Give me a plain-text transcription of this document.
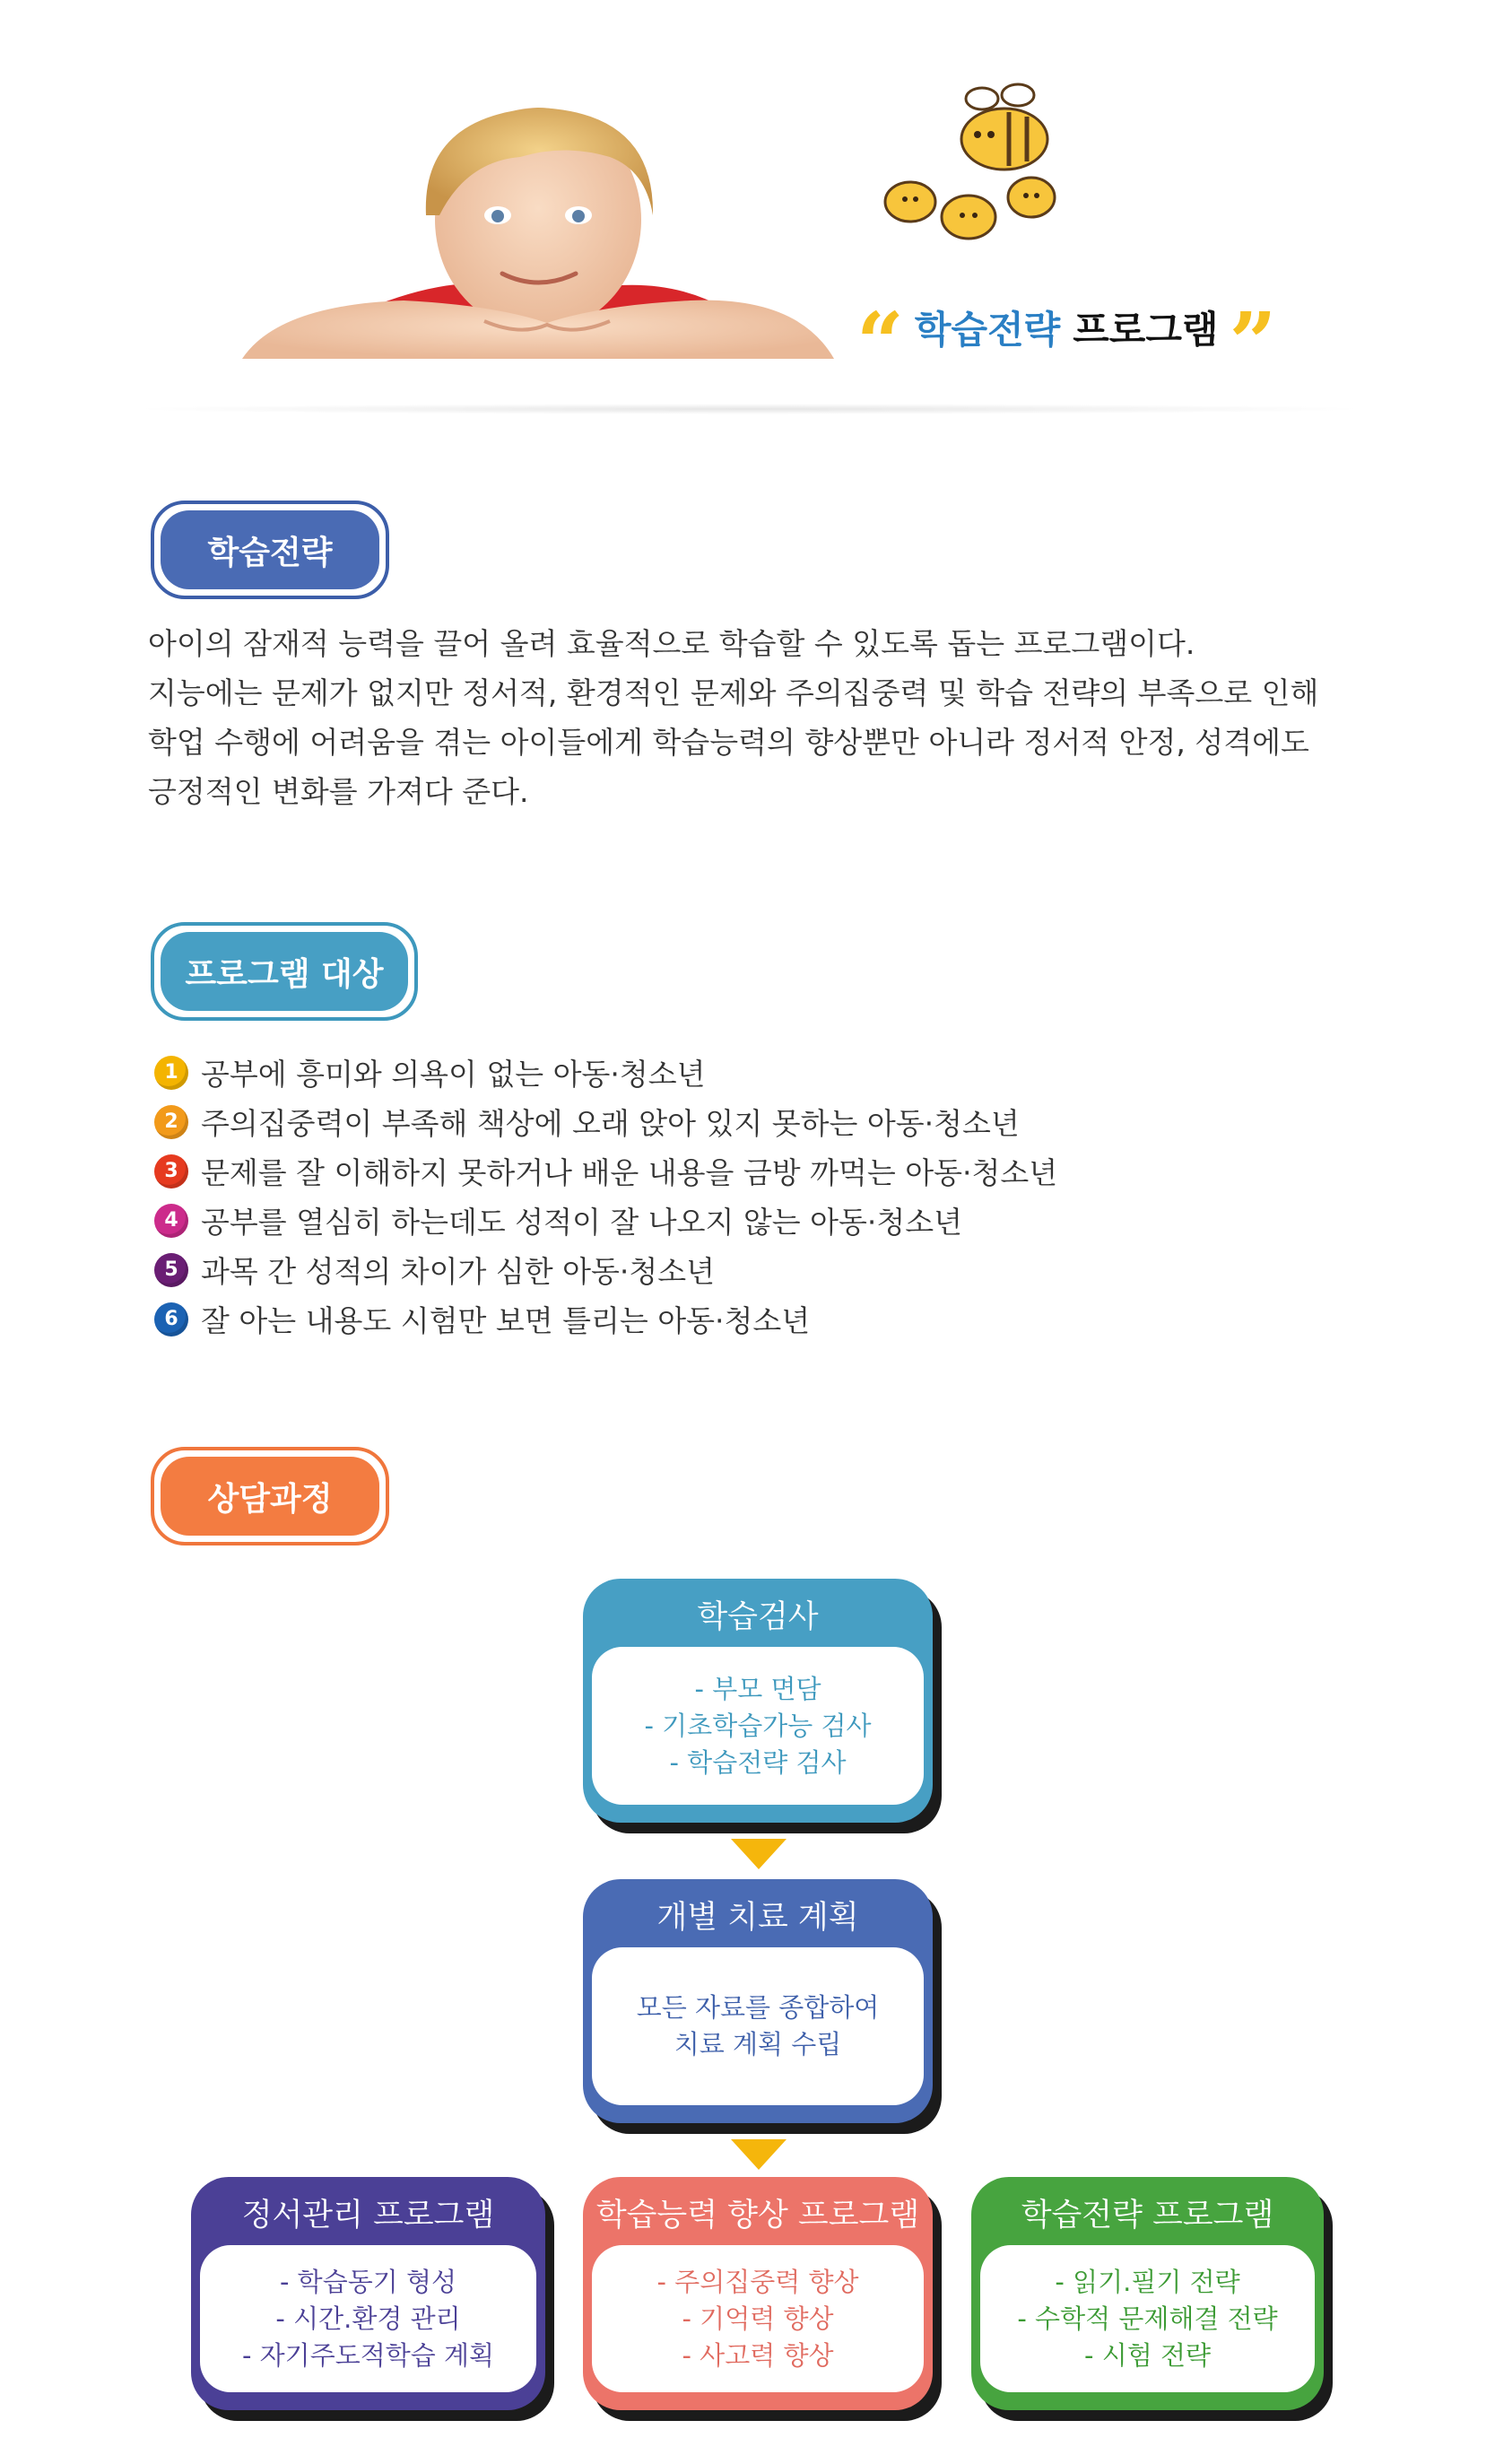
“ 학습전략 프로그램 ”
학습전략

아이의 잠재적 능력을 끌어 올려 효율적으로 학습할 수 있도록 돕는 프로그램이다.

지능에는 문제가 없지만 정서적, 환경적인 문제와 주의집중력 및 학습 전략의 부족으로 인해

학업 수행에 어려움을 겪는 아이들에게 학습능력의 향상뿐만 아니라 정서적 안정, 성격에도

긍정적인 변화를 가져다 준다.

프로그램 대상
1 공부에 흥미와 의욕이 없는 아동·청소년
2 주의집중력이 부족해 책상에 오래 앉아 있지 못하는 아동·청소년
3 문제를 잘 이해하지 못하거나 배운 내용을 금방 까먹는 아동·청소년
4 공부를 열심히 하는데도 성적이 잘 나오지 않는 아동·청소년
5 과목 간 성적의 차이가 심한 아동·청소년
6 잘 아는 내용도 시험만 보면 틀리는 아동·청소년
상담과정
학습검사
- 부모 면담
- 기초학습가능 검사
- 학습전략 검사
개별 치료 계획
모든 자료를 종합하여
치료 계획 수립
정서관리 프로그램
- 학습동기 형성
- 시간.환경 관리
- 자기주도적학습 계획
학습능력 향상 프로그램
- 주의집중력 향상
- 기억력 향상
- 사고력 향상
학습전략 프로그램
- 읽기.필기 전략
- 수학적 문제해결 전략
- 시험 전략
